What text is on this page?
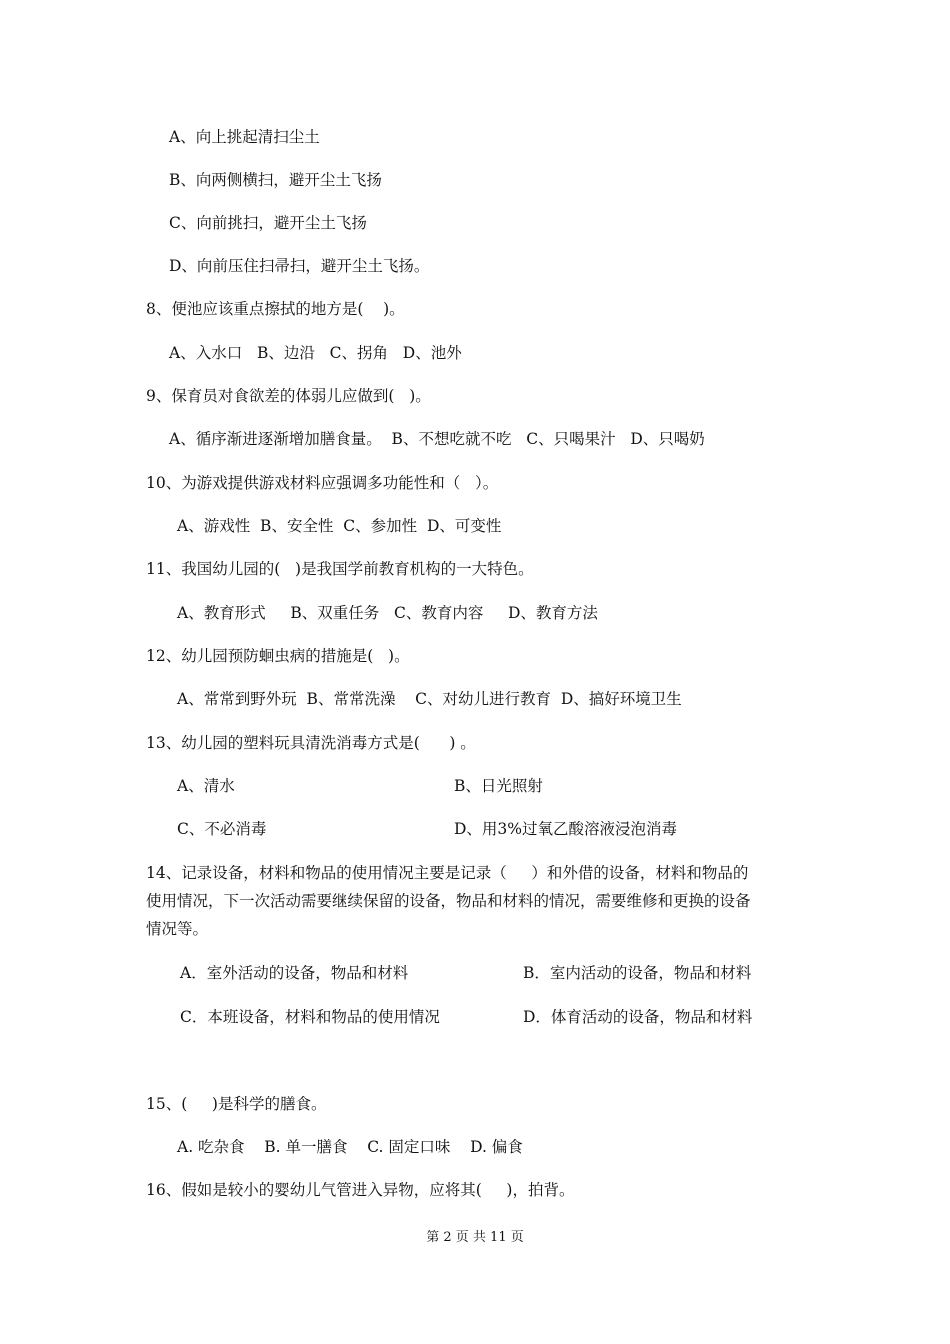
A、向上挑起清扫尘土
B、向两侧横扫，避开尘土飞扬
C、向前挑扫，避开尘土飞扬
D、向前压住扫帚扫，避开尘土飞扬。
8、便池应该重点擦拭的地方是(    )。
A、入水口   B、边沿   C、拐角   D、池外
9、保育员对食欲差的体弱儿应做到(   )。
A、循序渐进逐渐增加膳食量。  B、不想吃就不吃   C、只喝果汁   D、只喝奶
10、为游戏提供游戏材料应强调多功能性和（   ）。
A、游戏性  B、安全性  C、参加性  D、可变性
11、我国幼儿园的(   )是我国学前教育机构的一大特色。
A、教育形式     B、双重任务   C、教育内容     D、教育方法
12、幼儿园预防蛔虫病的措施是(   )。
A、常常到野外玩  B、常常洗澡    C、对幼儿进行教育  D、搞好环境卫生
13、幼儿园的塑料玩具清洗消毒方式是(      ) 。
A、清水	B、日光照射
C、不必消毒	D、用3%过氧乙酸溶液浸泡消毒
14、记录设备，材料和物品的使用情况主要是记录（     ）和外借的设备，材料和物品的
使用情况，下一次活动需要继续保留的设备，物品和材料的情况，需要维修和更换的设备
情况等。
A．室外活动的设备，物品和材料	B．室内活动的设备，物品和材料
C．本班设备，材料和物品的使用情况	D．体育活动的设备，物品和材料
15、(     )是科学的膳食。
A. 吃杂食    B. 单一膳食    C. 固定口味    D. 偏食
16、假如是较小的婴幼儿气管进入异物，应将其(     )，拍背。
第 2 页 共 11 页
